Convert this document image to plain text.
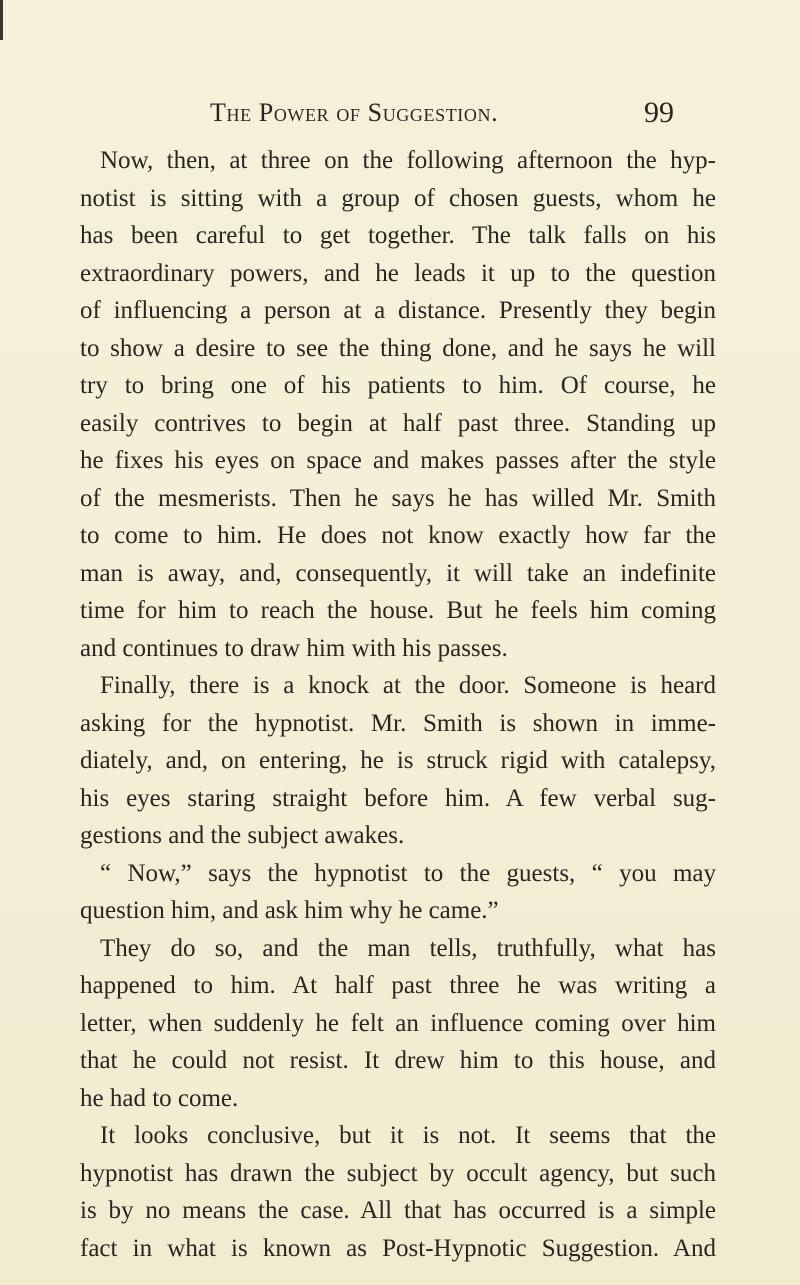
The Power of Suggestion.	99
Now, then, at three on the following afternoon the hyp-
notist is sitting with a group of chosen guests, whom he
has been careful to get together. The talk falls on his
extraordinary powers, and he leads it up to the question
of influencing a person at a distance. Presently they begin
to show a desire to see the thing done, and he says he will
try to bring one of his patients to him. Of course, he
easily contrives to begin at half past three. Standing up
he fixes his eyes on space and makes passes after the style
of the mesmerists. Then he says he has willed Mr. Smith
to come to him. He does not know exactly how far the
man is away, and, consequently, it will take an indefinite
time for him to reach the house. But he feels him coming
and continues to draw him with his passes.
Finally, there is a knock at the door. Someone is heard
asking for the hypnotist. Mr. Smith is shown in imme-
diately, and, on entering, he is struck rigid with catalepsy,
his eyes staring straight before him. A few verbal sug-
gestions and the subject awakes.
“ Now,” says the hypnotist to the guests, “ you may
question him, and ask him why he came.”
They do so, and the man tells, truthfully, what has
happened to him. At half past three he was writing a
letter, when suddenly he felt an influence coming over him
that he could not resist. It drew him to this house, and
he had to come.
It looks conclusive, but it is not. It seems that the
hypnotist has drawn the subject by occult agency, but such
is by no means the case. All that has occurred is a simple
fact in what is known as Post-Hypnotic Suggestion. And
